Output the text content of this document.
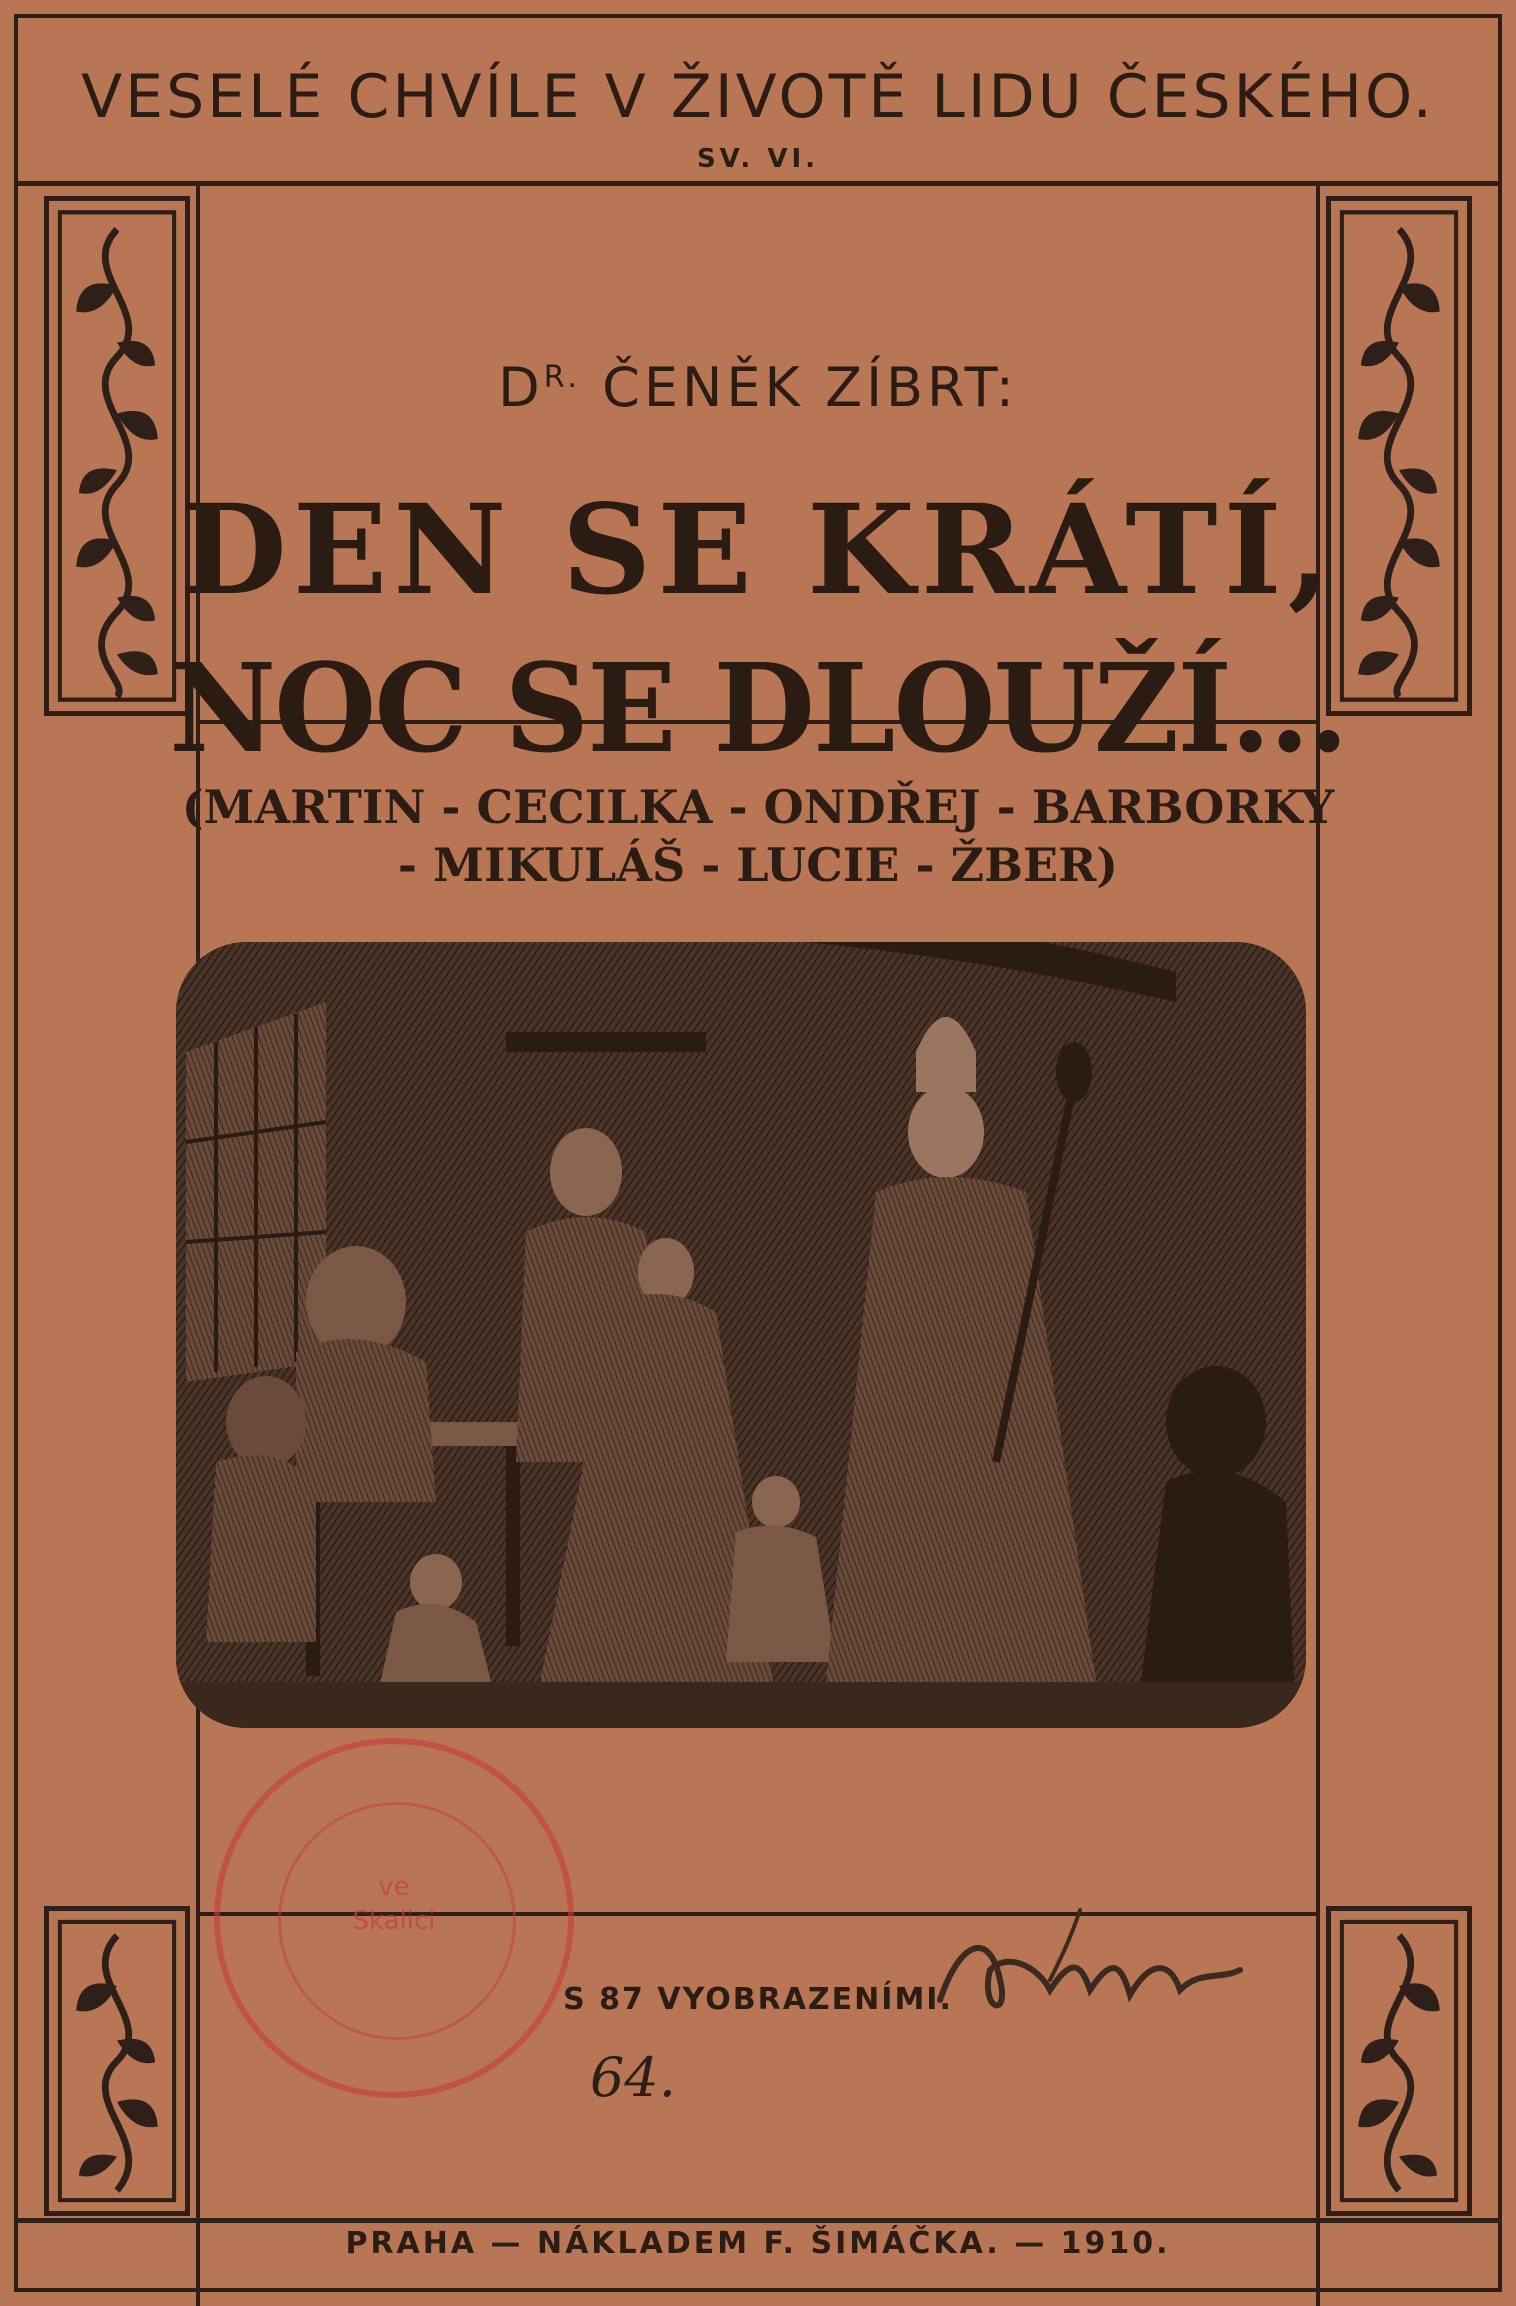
VESELÉ CHVÍLE V ŽIVOTĚ LIDU ČESKÉHO.
SV. VI.
$D^{R.}$ ČENĚK ZÍBRT:
DEN SE KRÁTÍ,
NOC SE DLOUŽÍ...
(MARTIN - CECILKA - ONDŘEJ - BARBORKY
- MIKULÁŠ - LUCIE - ŽBER)
ve
Skalici
S 87 VYOBRAZENÍMI.
64.
PRAHA — NÁKLADEM F. ŠIMÁČKA. — 1910.
